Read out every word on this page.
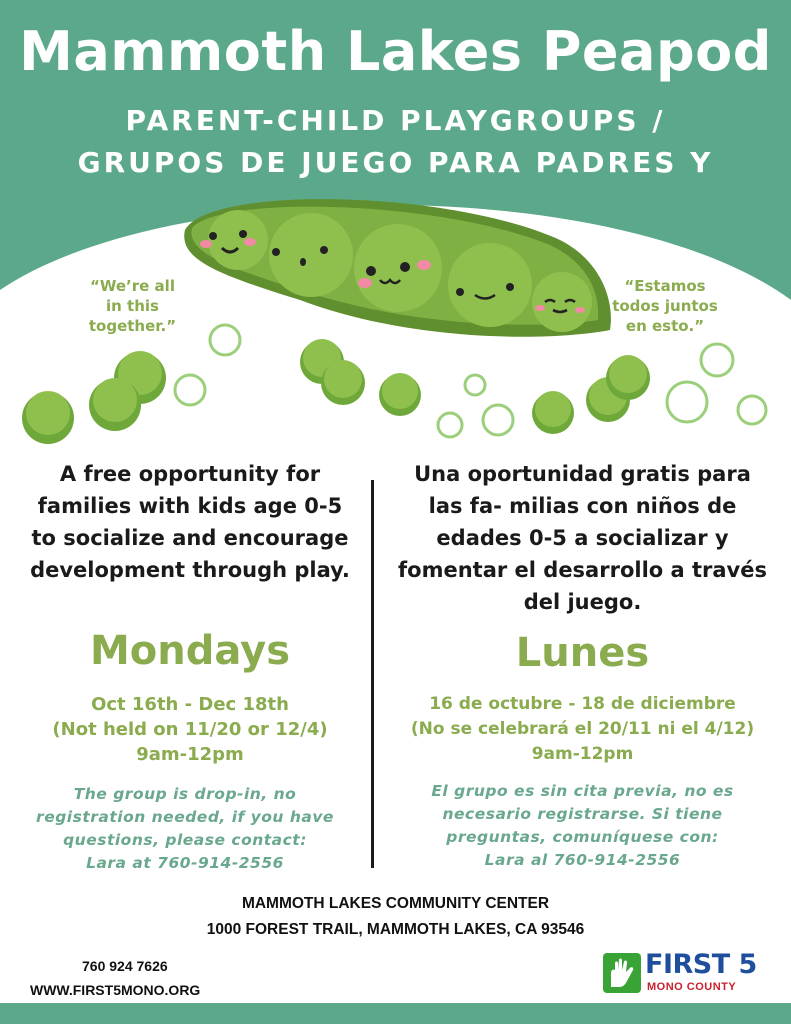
Mammoth Lakes Peapod
PARENT-CHILD PLAYGROUPS /
GRUPOS DE JUEGO PARA PADRES Y
“We’re all
in this
together.”
“Estamos
todos juntos
en esto.”
A free opportunity for
families with kids age 0-5
to socialize and encourage
development through play.
Mondays
Oct 16th - Dec 18th
(Not held on 11/20 or 12/4)
9am-12pm
The group is drop-in, no
registration needed, if you have
questions, please contact:
Lara at 760-914-2556
Una oportunidad gratis para
las fa- milias con niños de
edades 0-5 a socializar y
fomentar el desarrollo a través
del juego.
Lunes
16 de octubre - 18 de diciembre
(No se celebrará el 20/11 ni el 4/12)
9am-12pm
El grupo es sin cita previa, no es
necesario registrarse. Si tiene
preguntas, comuníquese con:
Lara al 760-914-2556
MAMMOTH LAKES COMMUNITY CENTER
1000 FOREST TRAIL, MAMMOTH LAKES, CA 93546
760 924 7626
WWW.FIRST5MONO.ORG
FIRST 5
MONO COUNTY
